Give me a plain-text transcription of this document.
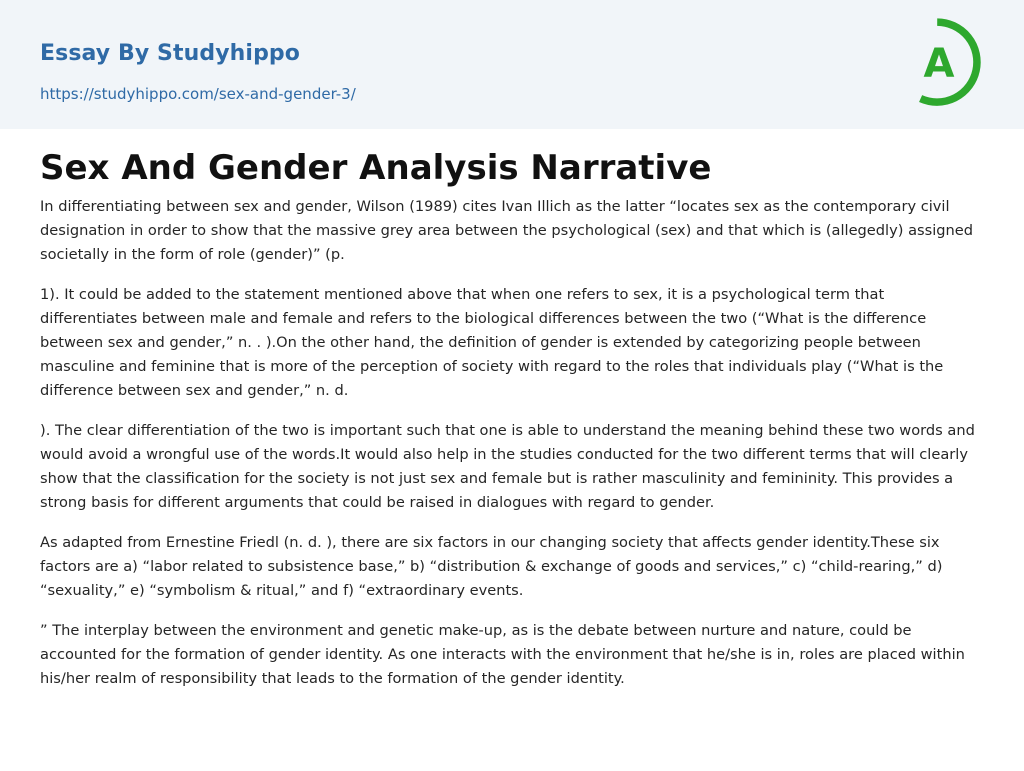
Essay By Studyhippo
https://studyhippo.com/sex-and-gender-3/
A
Sex And Gender Analysis Narrative

In differentiating between sex and gender, Wilson (1989) cites Ivan Illich as the latter “locates sex as the contemporary civil designation in order to show that the massive grey area between the psychological (sex) and that which is (allegedly) assigned societally in the form of role (gender)” (p.

1). It could be added to the statement mentioned above that when one refers to sex, it is a psychological term that differentiates between male and female and refers to the biological differences between the two (“What is the difference between sex and gender,” n. . ).On the other hand, the definition of gender is extended by categorizing people between masculine and feminine that is more of the perception of society with regard to the roles that individuals play (“What is the difference between sex and gender,” n. d.

). The clear differentiation of the two is important such that one is able to understand the meaning behind these two words and would avoid a wrongful use of the words.It would also help in the studies conducted for the two different terms that will clearly show that the classification for the society is not just sex and female but is rather masculinity and femininity. This provides a strong basis for different arguments that could be raised in dialogues with regard to gender.

As adapted from Ernestine Friedl (n. d. ), there are six factors in our changing society that affects gender identity.These six factors are a) “labor related to subsistence base,” b) “distribution & exchange of goods and services,” c) “child-rearing,” d) “sexuality,” e) “symbolism & ritual,” and f) “extraordinary events.

” The interplay between the environment and genetic make-up, as is the debate between nurture and nature, could be accounted for the formation of gender identity. As one interacts with the environment that he/she is in, roles are placed within his/her realm of responsibility that leads to the formation of the gender identity.
